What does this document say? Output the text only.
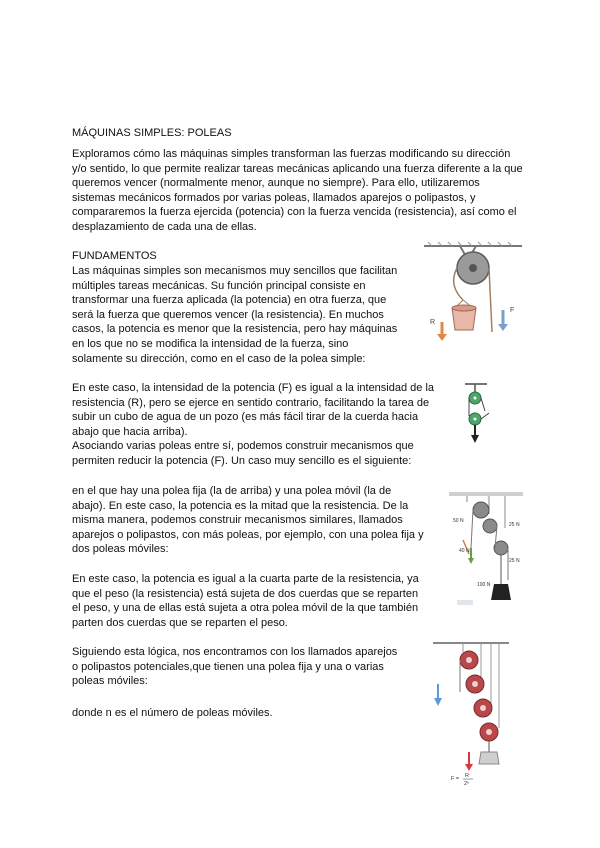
MÁQUINAS SIMPLES: POLEAS

Exploramos cómo las máquinas simples transforman las fuerzas modificando su dirección
y/o sentido, lo que permite realizar tareas mecánicas aplicando una fuerza diferente a la que
queremos vencer (normalmente menor, aunque no siempre). Para ello, utilizaremos
sistemas mecánicos formados por varias poleas, llamados aparejos o polipastos, y
compararemos la fuerza ejercida (potencia) con la fuerza vencida (resistencia), así como el
desplazamiento de cada una de ellas.

FUNDAMENTOS

Las máquinas simples son mecanismos muy sencillos que facilitan
múltiples tareas mecánicas. Su función principal consiste en
transformar una fuerza aplicada (la potencia) en otra fuerza, que
será la fuerza que queremos vencer (la resistencia). En muchos
casos, la potencia es menor que la resistencia, pero hay máquinas
en los que no se modifica la intensidad de la fuerza, sino
solamente su dirección, como en el caso de la polea simple:
En este caso, la intensidad de la potencia (F) es igual a la intensidad de la
resistencia (R), pero se ejerce en sentido contrario, facilitando la tarea de
subir un cubo de agua de un pozo (es más fácil tirar de la cuerda hacia
abajo que hacia arriba).
Asociando varias poleas entre sí, podemos construir mecanismos que
permiten reducir la potencia (F). Un caso muy sencillo es el siguiente:
en el que hay una polea fija (la de arriba) y una polea móvil (la de
abajo). En este caso, la potencia es la mitad que la resistencia. De la
misma manera, podemos construir mecanismos similares, llamados
aparejos o polipastos, con más poleas, por ejemplo, con una polea fija y
dos poleas móviles:
En este caso, la potencia es igual a la cuarta parte de la resistencia, ya
que el peso (la resistencia) está sujeta de dos cuerdas que se reparten
el peso, y una de ellas está sujeta a otra polea móvil de la que también
parten dos cuerdas que se reparten el peso.
Siguiendo esta lógica, nos encontramos con los llamados aparejos
o polipastos potenciales,que tienen una polea fija y una o varias
poleas móviles:

donde n es el número de poleas móviles.

R
F
50 N
25 N
25 N
40 N
100 N
F = R
2ⁿ
